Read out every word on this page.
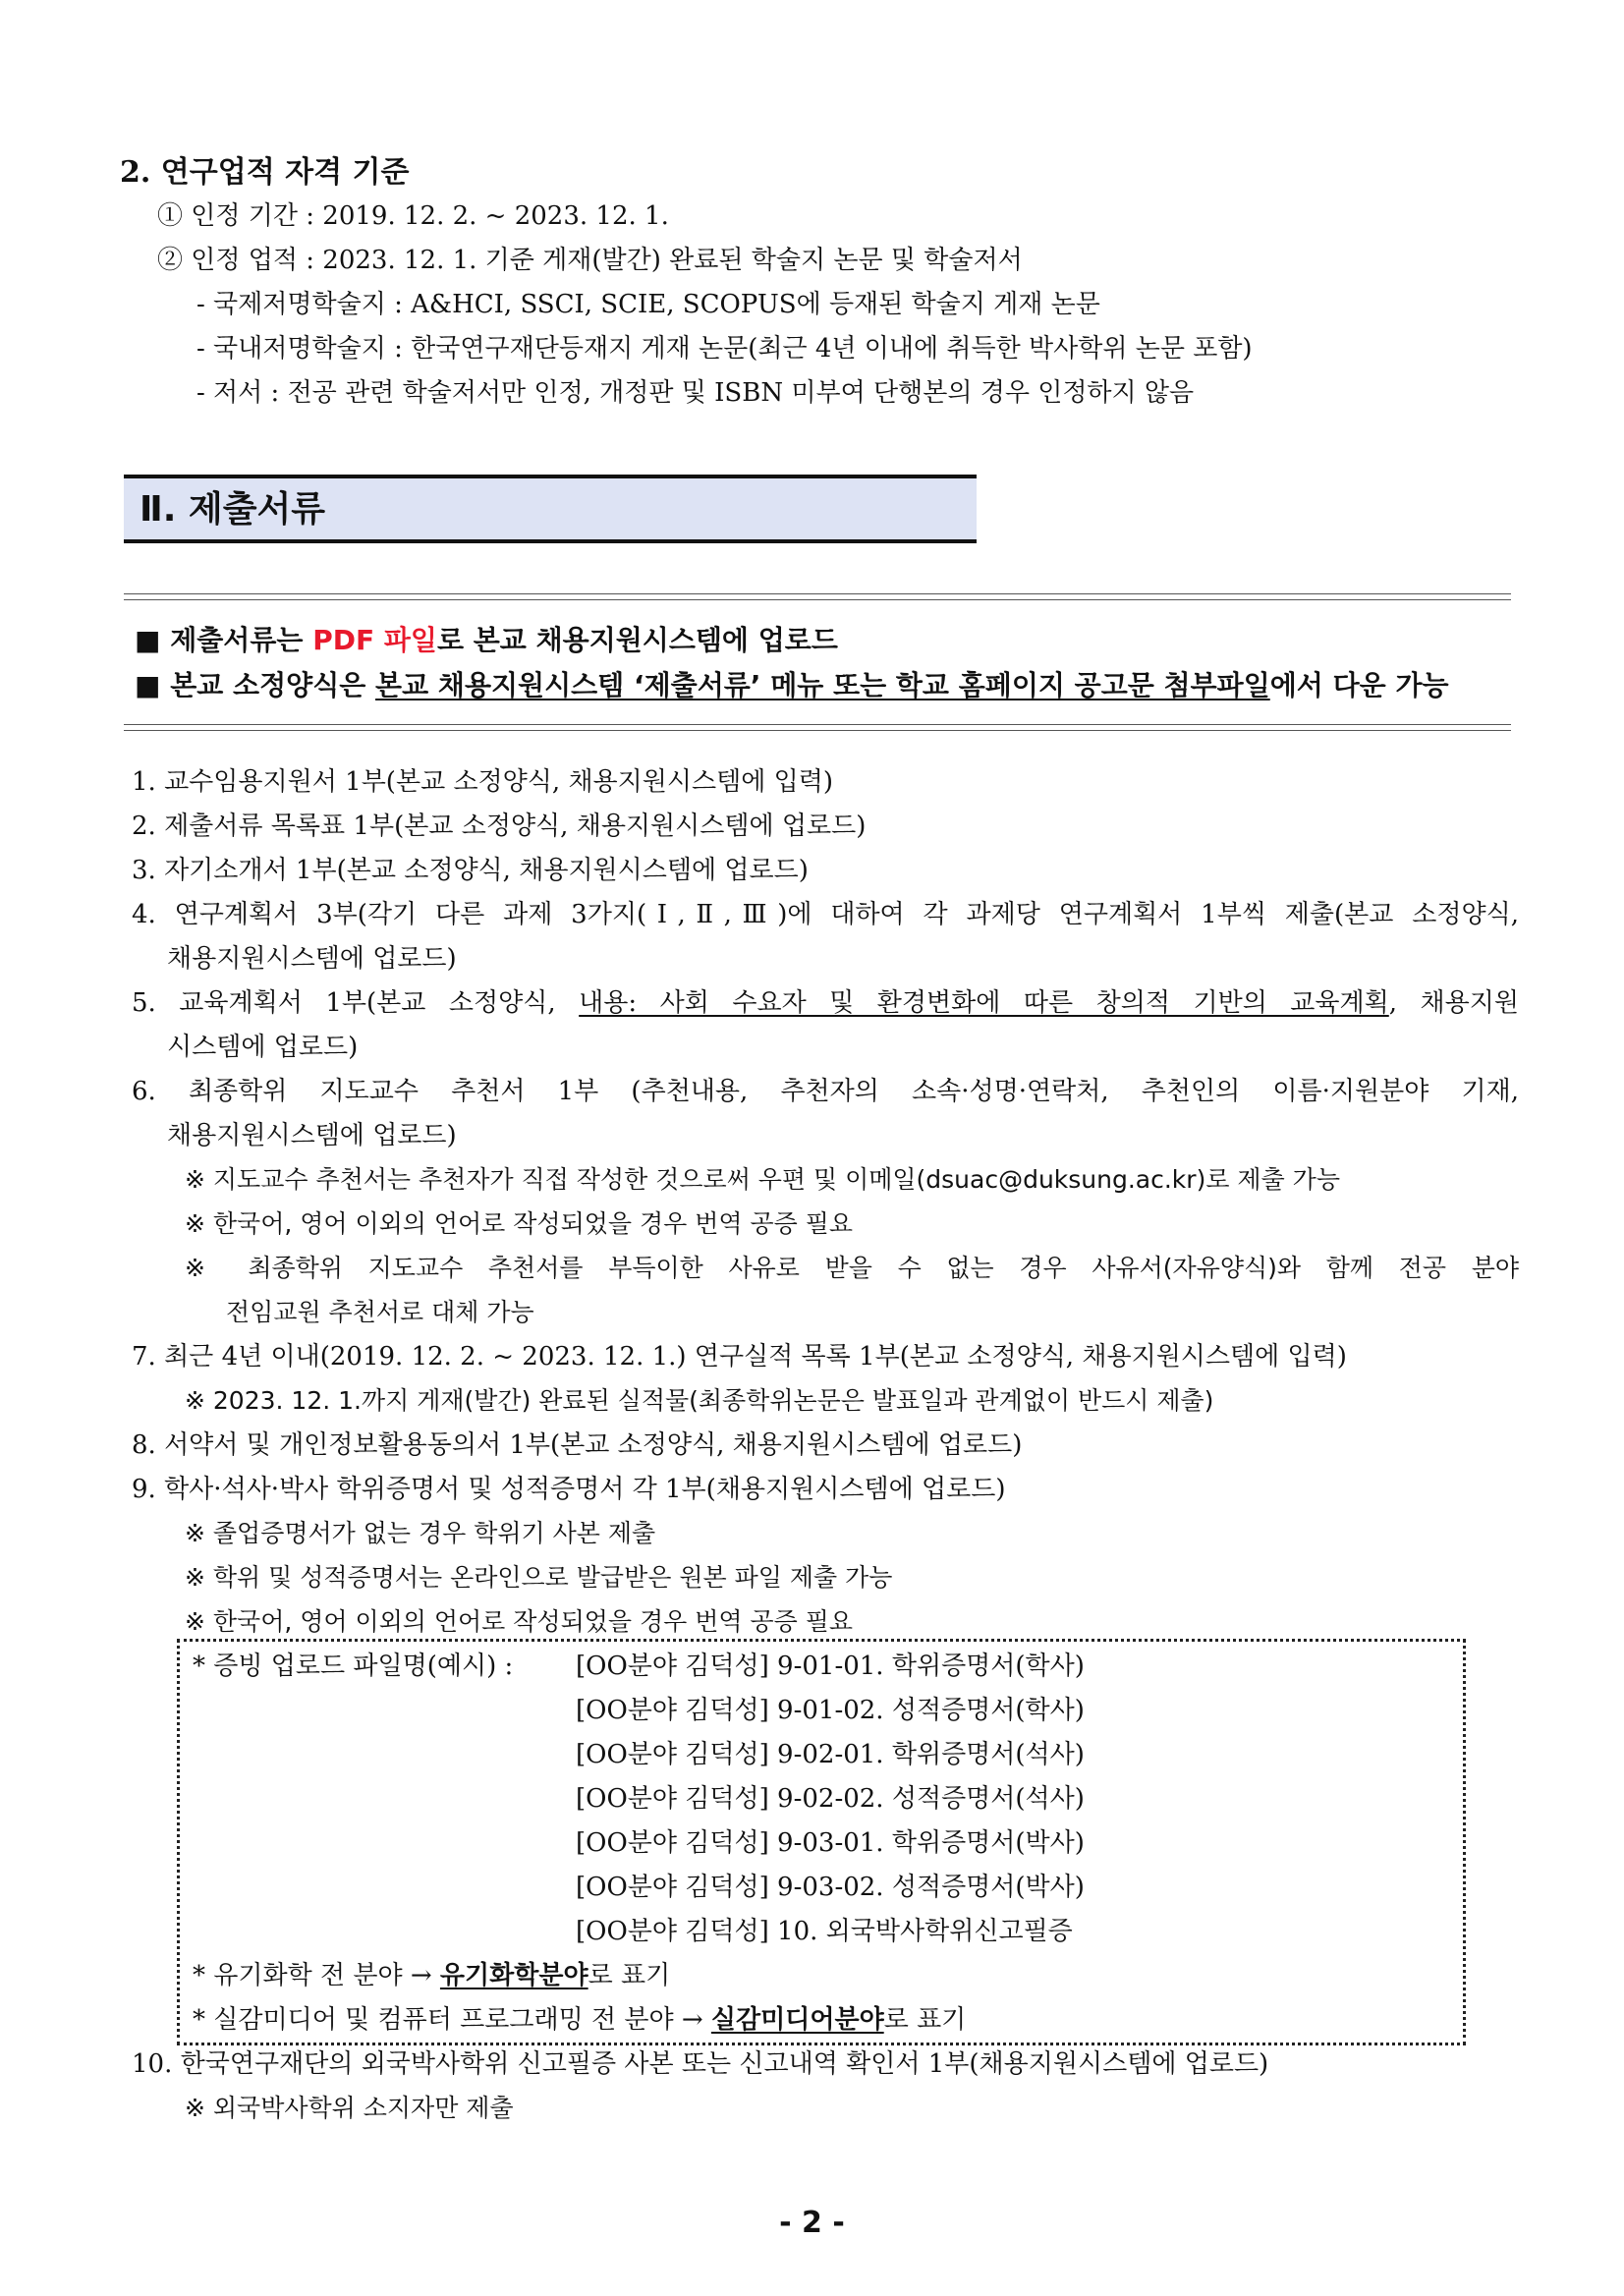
2. 연구업적 자격 기준
① 인정 기간 : 2019. 12. 2. ~ 2023. 12. 1.
② 인정 업적 : 2023. 12. 1. 기준 게재(발간) 완료된 학술지 논문 및 학술저서
- 국제저명학술지 : A&HCI, SSCI, SCIE, SCOPUS에 등재된 학술지 게재 논문
- 국내저명학술지 : 한국연구재단등재지 게재 논문(최근 4년 이내에 취득한 박사학위 논문 포함)
- 저서 : 전공 관련 학술저서만 인정, 개정판 및 ISBN 미부여 단행본의 경우 인정하지 않음
Ⅱ. 제출서류
■ 제출서류는 PDF 파일로 본교 채용지원시스템에 업로드
■ 본교 소정양식은 본교 채용지원시스템 ‘제출서류’ 메뉴 또는 학교 홈페이지 공고문 첨부파일에서 다운 가능
1. 교수임용지원서 1부(본교 소정양식, 채용지원시스템에 입력)
2. 제출서류 목록표 1부(본교 소정양식, 채용지원시스템에 업로드)
3. 자기소개서 1부(본교 소정양식, 채용지원시스템에 업로드)
4. 연구계획서 3부(각기 다른 과제 3가지(Ⅰ,Ⅱ,Ⅲ)에 대하여 각 과제당 연구계획서 1부씩 제출(본교 소정양식,
채용지원시스템에 업로드)
5. 교육계획서 1부(본교 소정양식, 내용: 사회 수요자 및 환경변화에 따른 창의적 기반의 교육계획, 채용지원
시스템에 업로드)
6. 최종학위 지도교수 추천서 1부 (추천내용, 추천자의 소속·성명·연락처, 추천인의 이름·지원분야 기재,
채용지원시스템에 업로드)
※ 지도교수 추천서는 추천자가 직접 작성한 것으로써 우편 및 이메일(dsuac@duksung.ac.kr)로 제출 가능
※ 한국어, 영어 이외의 언어로 작성되었을 경우 번역 공증 필요
※ 최종학위 지도교수 추천서를 부득이한 사유로 받을 수 없는 경우 사유서(자유양식)와 함께 전공 분야
전임교원 추천서로 대체 가능
7. 최근 4년 이내(2019. 12. 2. ~ 2023. 12. 1.) 연구실적 목록 1부(본교 소정양식, 채용지원시스템에 입력)
※ 2023. 12. 1.까지 게재(발간) 완료된 실적물(최종학위논문은 발표일과 관계없이 반드시 제출)
8. 서약서 및 개인정보활용동의서 1부(본교 소정양식, 채용지원시스템에 업로드)
9. 학사·석사·박사 학위증명서 및 성적증명서 각 1부(채용지원시스템에 업로드)
※ 졸업증명서가 없는 경우 학위기 사본 제출
※ 학위 및 성적증명서는 온라인으로 발급받은 원본 파일 제출 가능
※ 한국어, 영어 이외의 언어로 작성되었을 경우 번역 공증 필요
* 증빙 업로드 파일명(예시) : [OO분야 김덕성] 9-01-01. 학위증명서(학사)
[OO분야 김덕성] 9-01-02. 성적증명서(학사)
[OO분야 김덕성] 9-02-01. 학위증명서(석사)
[OO분야 김덕성] 9-02-02. 성적증명서(석사)
[OO분야 김덕성] 9-03-01. 학위증명서(박사)
[OO분야 김덕성] 9-03-02. 성적증명서(박사)
[OO분야 김덕성] 10. 외국박사학위신고필증
* 유기화학 전 분야 → 유기화학분야로 표기
* 실감미디어 및 컴퓨터 프로그래밍 전 분야 → 실감미디어분야로 표기
10. 한국연구재단의 외국박사학위 신고필증 사본 또는 신고내역 확인서 1부(채용지원시스템에 업로드)
※ 외국박사학위 소지자만 제출
- 2 -
